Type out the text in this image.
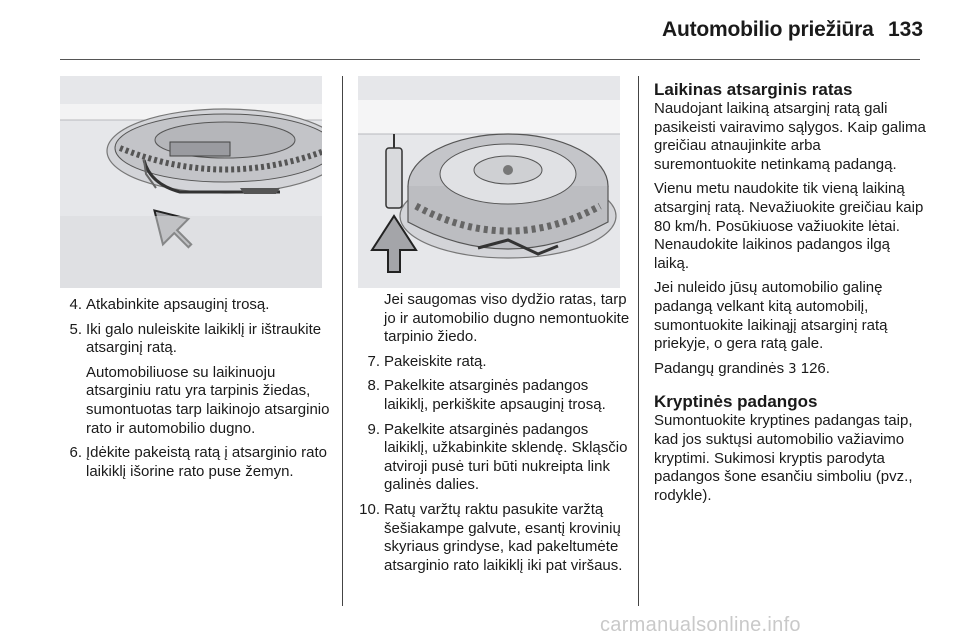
Automobilio priežiūra 133
4. Atkabinkite apsauginį trosą.
5. Iki galo nuleiskite laikiklį ir ištraukite atsarginį ratą.
Automobiliuose su laikinuoju atsarginiu ratu yra tarpinis žiedas, sumontuotas tarp laikinojo atsarginio rato ir automobilio dugno.
6. Įdėkite pakeistą ratą į atsarginio rato laikiklį išorine rato puse žemyn.
Jei saugomas viso dydžio ratas, tarp jo ir automobilio dugno nemontuokite tarpinio žiedo.
7. Pakeiskite ratą.
8. Pakelkite atsarginės padangos laikiklį, perkiškite apsauginį trosą.
9. Pakelkite atsarginės padangos laikiklį, užkabinkite sklendę. Skląsčio atviroji pusė turi būti nukreipta link galinės dalies.
10. Ratų varžtų raktu pasukite varžtą šešiakampe galvute, esantį krovinių skyriaus grindyse, kad pakeltumėte atsarginio rato laikiklį iki pat viršaus.
Laikinas atsarginis ratas
Naudojant laikiną atsarginį ratą gali pasikeisti vairavimo sąlygos. Kaip galima greičiau atnaujinkite arba suremontuokite netinkamą padangą.
Vienu metu naudokite tik vieną laikiną atsarginį ratą. Nevažiuokite greičiau kaip 80 km/h. Posūkiuose važiuokite lėtai. Nenaudokite laikinos padangos ilgą laiką.
Jei nuleido jūsų automobilio galinę padangą velkant kitą automobilį, sumontuokite laikinąjį atsarginį ratą priekyje, o gera ratą gale.
Padangų grandinės 3 126.
Kryptinės padangos
Sumontuokite kryptines padangas taip, kad jos suktųsi automobilio važiavimo kryptimi. Sukimosi kryptis parodyta padangos šone esančiu simboliu (pvz., rodykle).
carmanualsonline.info
